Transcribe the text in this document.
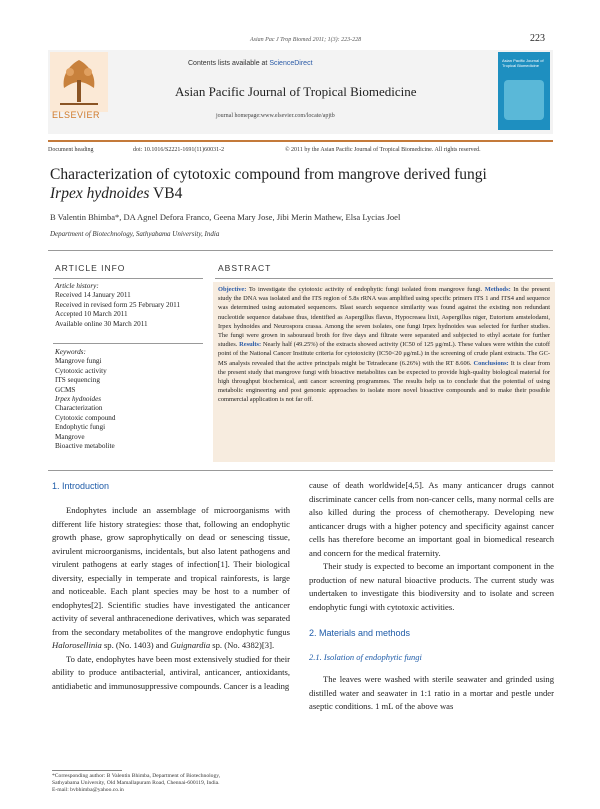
Asian Pac J Trop Biomed 2011; 1(3): 223-228	223
ELSEVIER
Contents lists available at ScienceDirect
Asian Pacific Journal of Tropical Biomedicine
journal homepage:www.elsevier.com/locate/apjtb
Asian Pacific Journal of Tropical Biomedicine
Document heading	doi: 10.1016/S2221-1691(11)60031-2	© 2011 by the Asian Pacific Journal of Tropical Biomedicine. All rights reserved.
Characterization of cytotoxic compound from mangrove derived fungi
Irpex hydnoides VB4
B Valentin Bhimba*, DA Agnel Defora Franco, Geena Mary Jose, Jibi Merin Mathew, Elsa Lycias Joel
Department of Biotechnology, Sathyabama University, India
ARTICLE INFO
Article history:
Received 14 January 2011
Received in revised form 25 February 2011
Accepted 10 March 2011
Available online 30 March 2011
Keywords:
Mangrove fungi
Cytotoxic activity
ITS sequencing
GCMS
Irpex hydnoides
Characterization
Cytotoxic compound
Endophytic fungi
Mangrove
Bioactive metabolite
ABSTRACT
Objective: To investigate the cytotoxic activity of endophytic fungi isolated from mangrove fungi. Methods: In the present study the DNA was isolated and the ITS region of 5.8s rRNA was amplified using specific primers ITS 1 and ITS4 and sequence was determined using automated sequencers. Blast search sequence similarity was found against the existing non redundant nucleotide sequence database thus, identified as Aspergillus flavus, Hypocreaea lixii, Aspergillus niger, Eutorium amstelodami, Irpex hydnoides and Neurospora crassa. Among the seven isolates, one fungi Irpex hydnoides was selected for further studies. The fungi were grown in sabouraud broth for five days and filtrate were separated and subjected to ethyl acetate for further studies. Results: Nearly half (49.25%) of the extracts showed activity (IC50 of 125 μg/mL). These values were within the cutoff point of the National Cancer Institute criteria for cytotoxicity (IC50<20 μg/mL) in the screening of crude plant extracts. The GC-MS analysis revealed that the active principals might be Tetradecane (6.26%) with the RT 8.606. Conclusions: It is clear from the present study that mangrove fungi with bioactive metabolites can be expected to provide high-quality biological material for high throughput biochemical, anti cancer screening programmes. The results help us to conclude that the potential of using metabolic engineering and post genomic approaches to isolate more novel bioactive compounds and to make their possible commercial application is not far off.
1. Introduction

Endophytes include an assemblage of microorganisms with different life history strategies: those that, following an endophytic growth phase, grow saprophytically on dead or senescing tissue, avirulent microorganisms, incidentals, but also latent pathogens and virulent pathogens at early stages of infection[1]. Their biological diversity, especially in temperate and tropical rainforests, is large and noticeable. Each plant species may be host to a number of endophytes[2]. Scientific studies have investigated the anticancer activity of several anthracenedione derivatives, which was separated from the secondary metabolites of the mangrove endophytic fungus Halorosellinia sp. (No. 1403) and Guignardia sp. (No. 4382)[3].

To date, endophytes have been most extensively studied for their ability to produce antibacterial, antiviral, anticancer, antioxidants, antidiabetic and immunosuppressive compounds. Cancer is a leading

*Corresponding author: B Valentin Bhimba, Department of Biotechnology,
Sathyabama University, Old Mamallapuram Road, Chennai-600119, India.
E-mail: bvbhimba@yahoo.co.in

cause of death worldwide[4,5]. As many anticancer drugs cannot discriminate cancer cells from non-cancer cells, many normal cells are also killed during the process of chemotherapy. Developing new anticancer drugs with a higher potency and specificity against cancer cells has therefore become an important goal in biomedical research and concern for the medical fraternity.

Their study is expected to become an important component in the production of new natural bioactive products. The current study was undertaken to investigate this biodiversity and to isolate and screen endophytic fungi with cytotoxic activities.

2. Materials and methods
2.1. Isolation of endophytic fungi

The leaves were washed with sterile seawater and grinded using distilled water and seawater in 1:1 ratio in a mortar and pestle under aseptic conditions. 1 mL of the above was
